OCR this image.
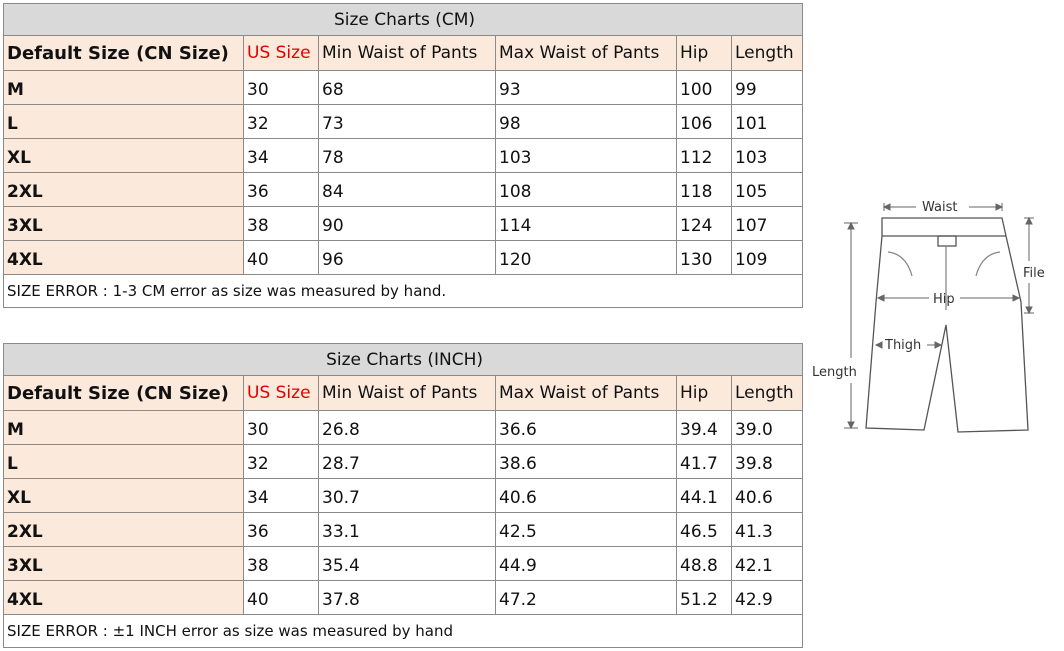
Size Charts (CM)					
Default Size (CN Size)	US Size	Min Waist of Pants	Max Waist of Pants	Hip	Length
M	30	68	93	100	99
L	32	73	98	106	101
XL	34	78	103	112	103
2XL	36	84	108	118	105
3XL	38	90	114	124	107
4XL	40	96	120	130	109
SIZE ERROR : 1-3 CM error as size was measured by hand.					
Size Charts (INCH)					
Default Size (CN Size)	US Size	Min Waist of Pants	Max Waist of Pants	Hip	Length
M	30	26.8	36.6	39.4	39.0
L	32	28.7	38.6	41.7	39.8
XL	34	30.7	40.6	44.1	40.6
2XL	36	33.1	42.5	46.5	41.3
3XL	38	35.4	44.9	48.8	42.1
4XL	40	37.8	47.2	51.2	42.9
SIZE ERROR : ±1 INCH error as size was measured by hand					
Waist
File
Hip
Thigh
Length
